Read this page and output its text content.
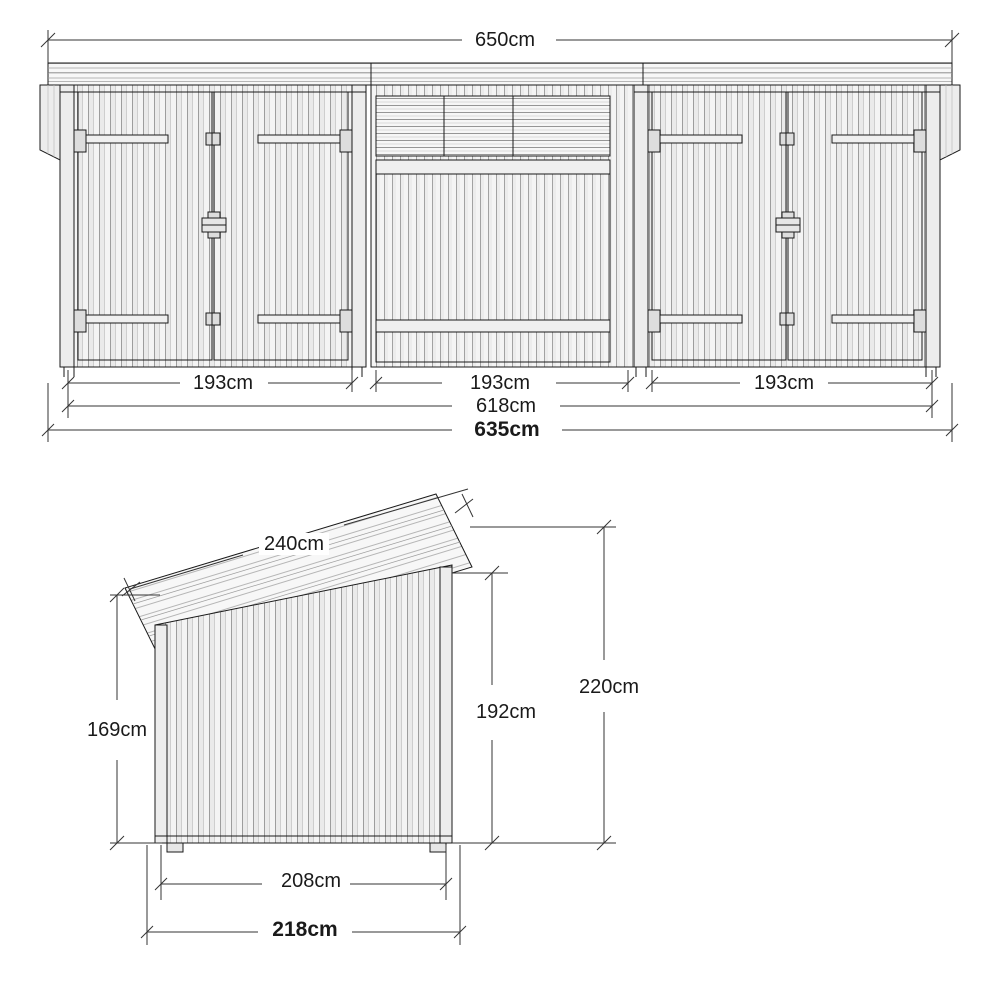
650cm
193cm	193cm	193cm
618cm
635cm
240cm
169cm
192cm
220cm
208cm
218cm
